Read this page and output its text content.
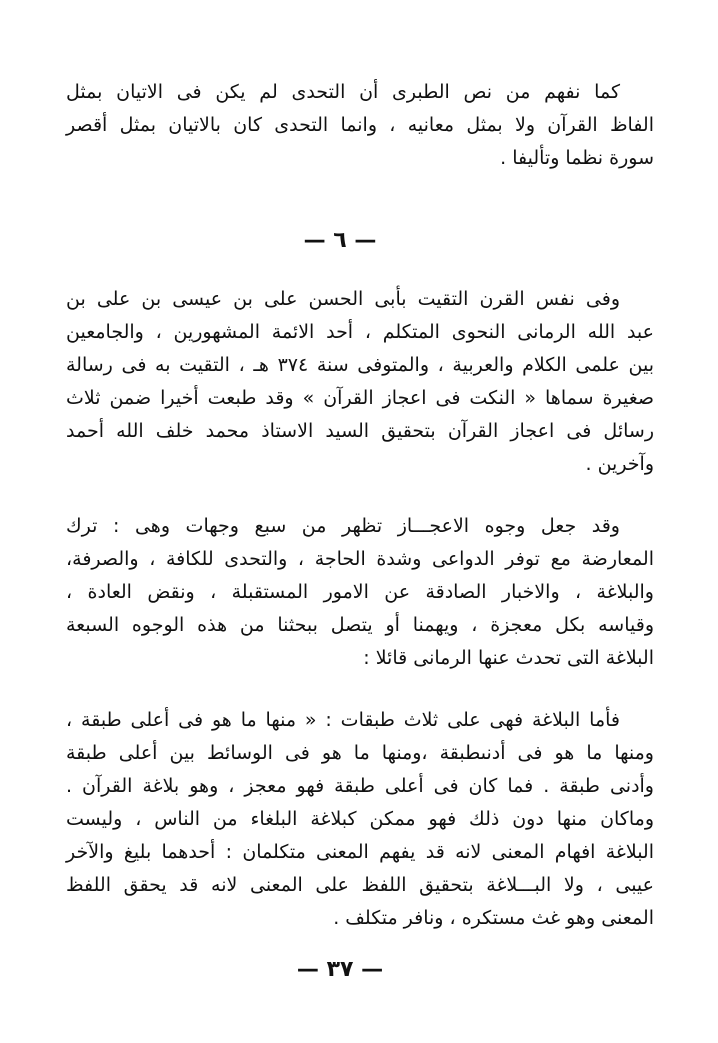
كما نفهم من نص الطبرى أن التحدى لم يكن فى الاتيان بمثل
الفاظ القرآن ولا بمثل معانيه ، وانما التحدى كان بالاتيان بمثل أقصر
سورة نظما وتأليفا .
— ٦ —
وفى نفس القرن التقيت بأبى الحسن على بن عيسى بن على بن
عبد الله الرمانى النحوى المتكلم ، أحد الائمة المشهورين ، والجامعين
بين علمى الكلام والعربية ، والمتوفى سنة ٣٧٤ هـ ، التقيت به فى رسالة
صغيرة سماها « النكت فى اعجاز القرآن » وقد طبعت أخيرا ضمن ثلاث
رسائل فى اعجاز القرآن بتحقيق السيد الاستاذ محمد خلف الله أحمد
وآخرين .
وقد جعل وجوه الاعجـــاز تظهر من سبع وجهات وهى : ترك
المعارضة مع توفر الدواعى وشدة الحاجة ، والتحدى للكافة ، والصرفة،
والبلاغة ، والاخبار الصادقة عن الامور المستقبلة ، ونقض العادة ،
وقياسه بكل معجزة ، ويهمنا أو يتصل ببحثنا من هذه الوجوه السبعة
البلاغة التى تحدث عنها الرمانى قائلا :
فأما البلاغة فهى على ثلاث طبقات : « منها ما هو فى أعلى طبقة ،
ومنها ما هو فى أدنىطبقة ،ومنها ما هو فى الوسائط بين أعلى طبقة
وأدنى طبقة . فما كان فى أعلى طبقة فهو معجز ، وهو بلاغة القرآن .
وماكان منها دون ذلك فهو ممكن كبلاغة البلغاء من الناس ، وليست
البلاغة افهام المعنى لانه قد يفهم المعنى متكلمان : أحدهما بليغ والآخر
عيبى ، ولا البـــلاغة بتحقيق اللفظ على المعنى لانه قد يحقق اللفظ
المعنى وهو غث مستكره ، ونافر متكلف .
— ٣٧ —
